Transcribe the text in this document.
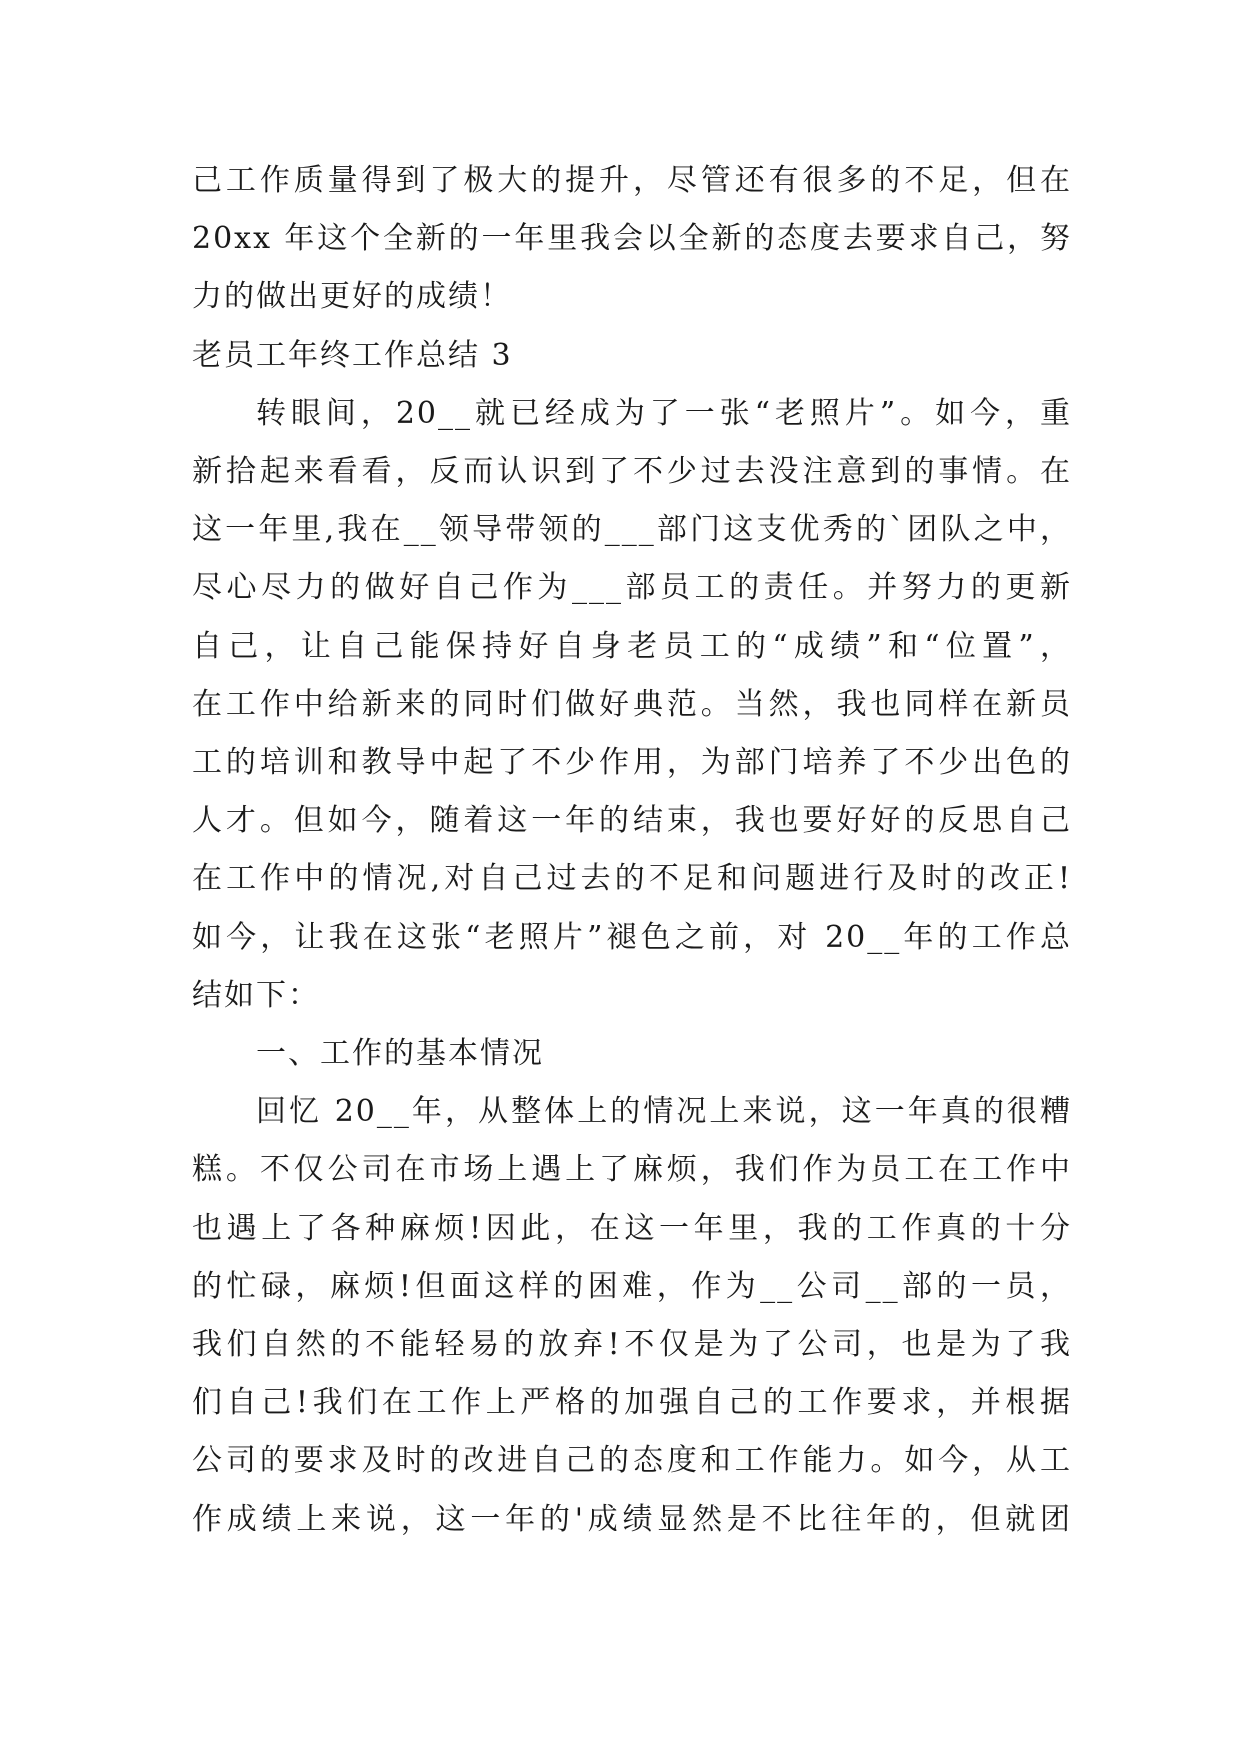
己工作质量得到了极大的提升，尽管还有很多的不足，但在
20xx 年这个全新的一年里我会以全新的态度去要求自己，努
力的做出更好的成绩！
老员工年终工作总结 3
转眼间，20__就已经成为了一张“老照片”。如今，重
新拾起来看看，反而认识到了不少过去没注意到的事情。在
这一年里,我在__领导带领的___部门这支优秀的`团队之中，
尽心尽力的做好自己作为___部员工的责任。并努力的更新
自己，让自己能保持好自身老员工的“成绩”和“位置”，
在工作中给新来的同时们做好典范。当然，我也同样在新员
工的培训和教导中起了不少作用，为部门培养了不少出色的
人才。但如今，随着这一年的结束，我也要好好的反思自己
在工作中的情况,对自己过去的不足和问题进行及时的改正!
如今，让我在这张“老照片”褪色之前，对 20__年的工作总
结如下：
一、工作的基本情况
回忆 20__年，从整体上的情况上来说，这一年真的很糟
糕。不仅公司在市场上遇上了麻烦，我们作为员工在工作中
也遇上了各种麻烦!因此，在这一年里，我的工作真的十分
的忙碌，麻烦!但面这样的困难，作为__公司__部的一员，
我们自然的不能轻易的放弃!不仅是为了公司，也是为了我
们自己!我们在工作上严格的加强自己的工作要求，并根据
公司的要求及时的改进自己的态度和工作能力。如今，从工
作成绩上来说，这一年的'成绩显然是不比往年的，但就团
